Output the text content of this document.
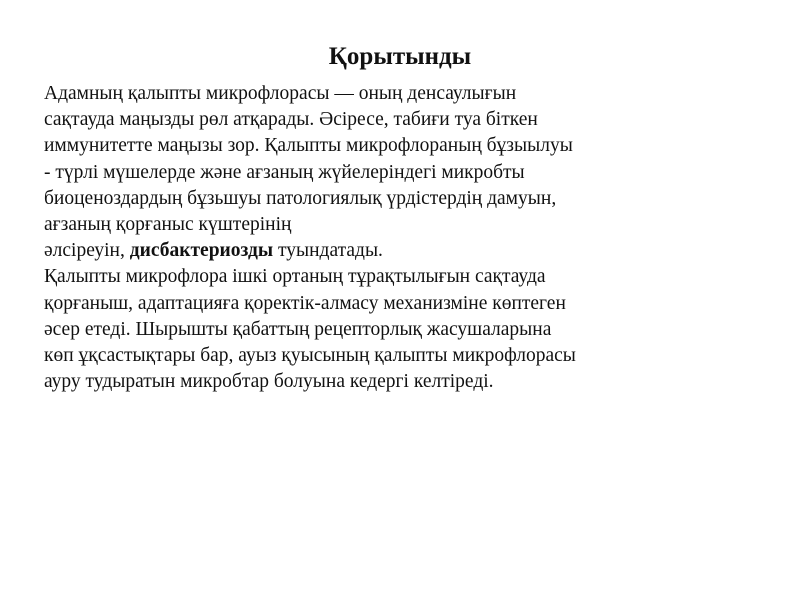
Қорытынды
Адамның қалыпты микрофлорасы — оның денсаулығын
сақтауда маңызды рөл атқарады. Әсіресе, табиғи туа біткен
иммунитетте маңызы зор. Қалыпты микрофлораның бұзыылуы
- түрлі мүшелерде және ағзаның жүйелеріндегі микробты
биоценоздардың бұзьшуы патологиялық үрдістердің дамуын,
ағзаның қорғаныс күштерінің
әлсіреуін, дисбактериозды туындатады.
Қалыпты микрофлора ішкі ортаның тұрақтылығын сақтауда
қорғаныш, адаптацияға қоректік-алмасу механизміне көптеген
әсер етеді. Шырышты қабаттың рецепторлық жасушаларына
көп ұқсастықтары бар, ауыз қуысының қалыпты микрофлорасы
ауру тудыратын микробтар болуына кедергі келтіреді.
